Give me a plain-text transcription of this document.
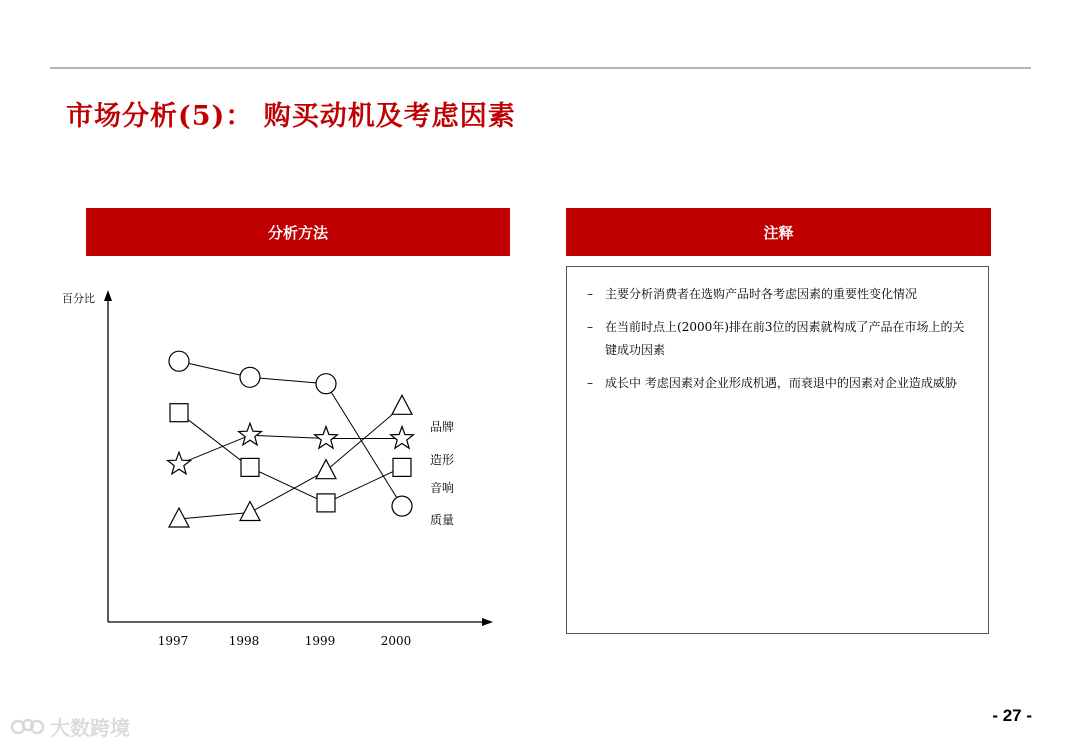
市场分析(5)： 购买动机及考虑因素
分析方法	注释
百分比
1997	1998	1999	2000
质量
品牌
造形
音响
– 主要分析消费者在选购产品时各考虑因素的重要性变化情况
– 在当前时点上(2000年)排在前3位的因素就构成了产品在市场上的关键成功因素
– 成长中 考虑因素对企业形成机遇，而衰退中的因素对企业造成威胁
- 27 -
大数跨境
